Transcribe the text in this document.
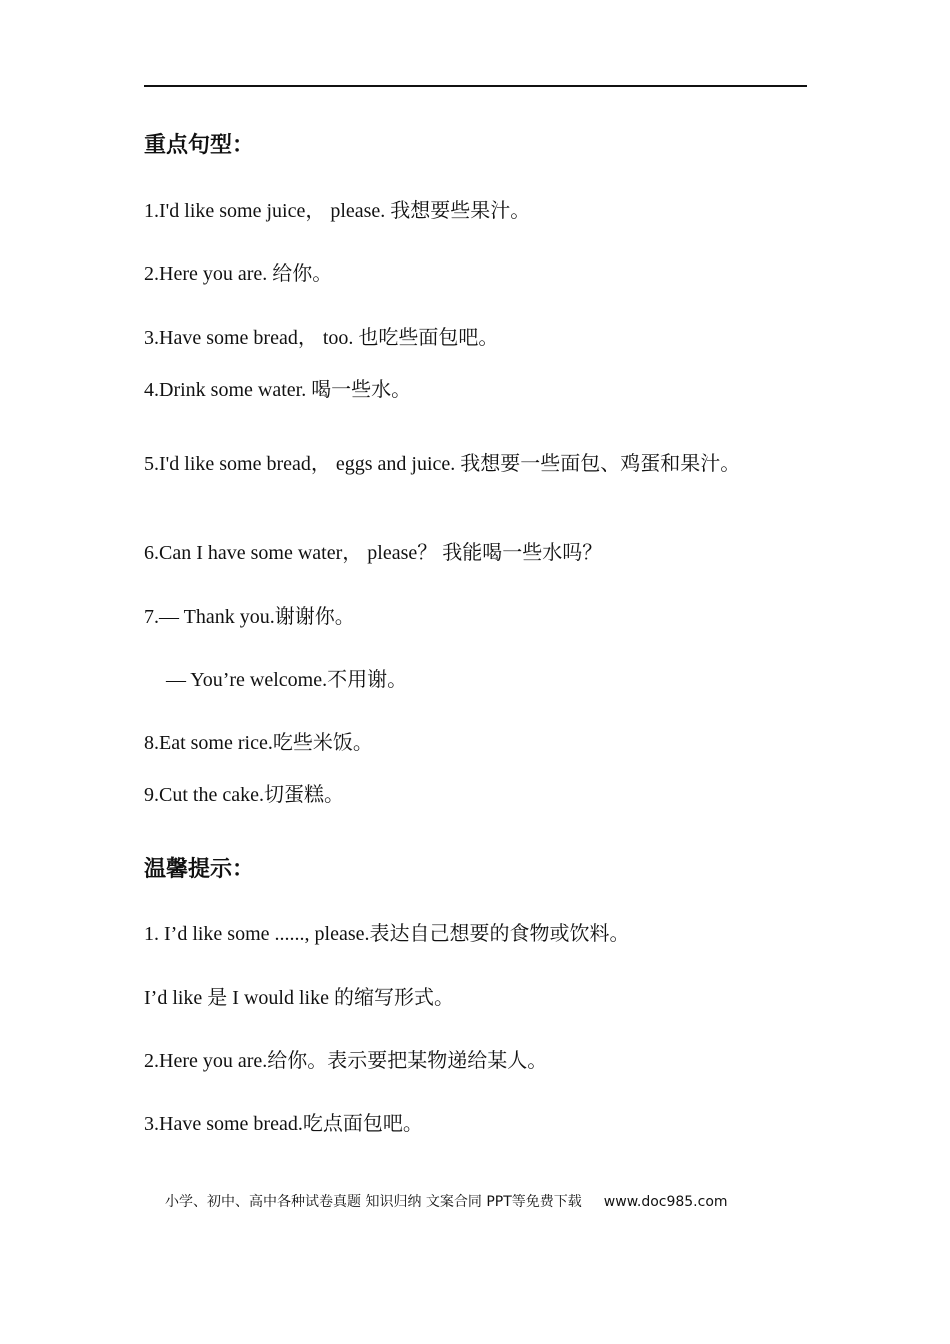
重点句型：
1.I'd like some juice， please. 我想要些果汁。
2.Here you are. 给你。
3.Have some bread， too. 也吃些面包吧。
4.Drink some water. 喝一些水。
5.I'd like some bread， eggs and juice. 我想要一些面包、鸡蛋和果汁。
6.Can I have some water， please？ 我能喝一些水吗？
7.— Thank you.谢谢你。
— You’re welcome.不用谢。
8.Eat some rice.吃些米饭。
9.Cut the cake.切蛋糕。
温馨提示：
1. I’d like some ......, please.表达自己想要的食物或饮料。
I’d like 是 I would like 的缩写形式。
2.Here you are.给你。表示要把某物递给某人。
3.Have some bread.吃点面包吧。
小学、初中、高中各种试卷真题 知识归纳 文案合同 PPT等免费下载 www.doc985.com
